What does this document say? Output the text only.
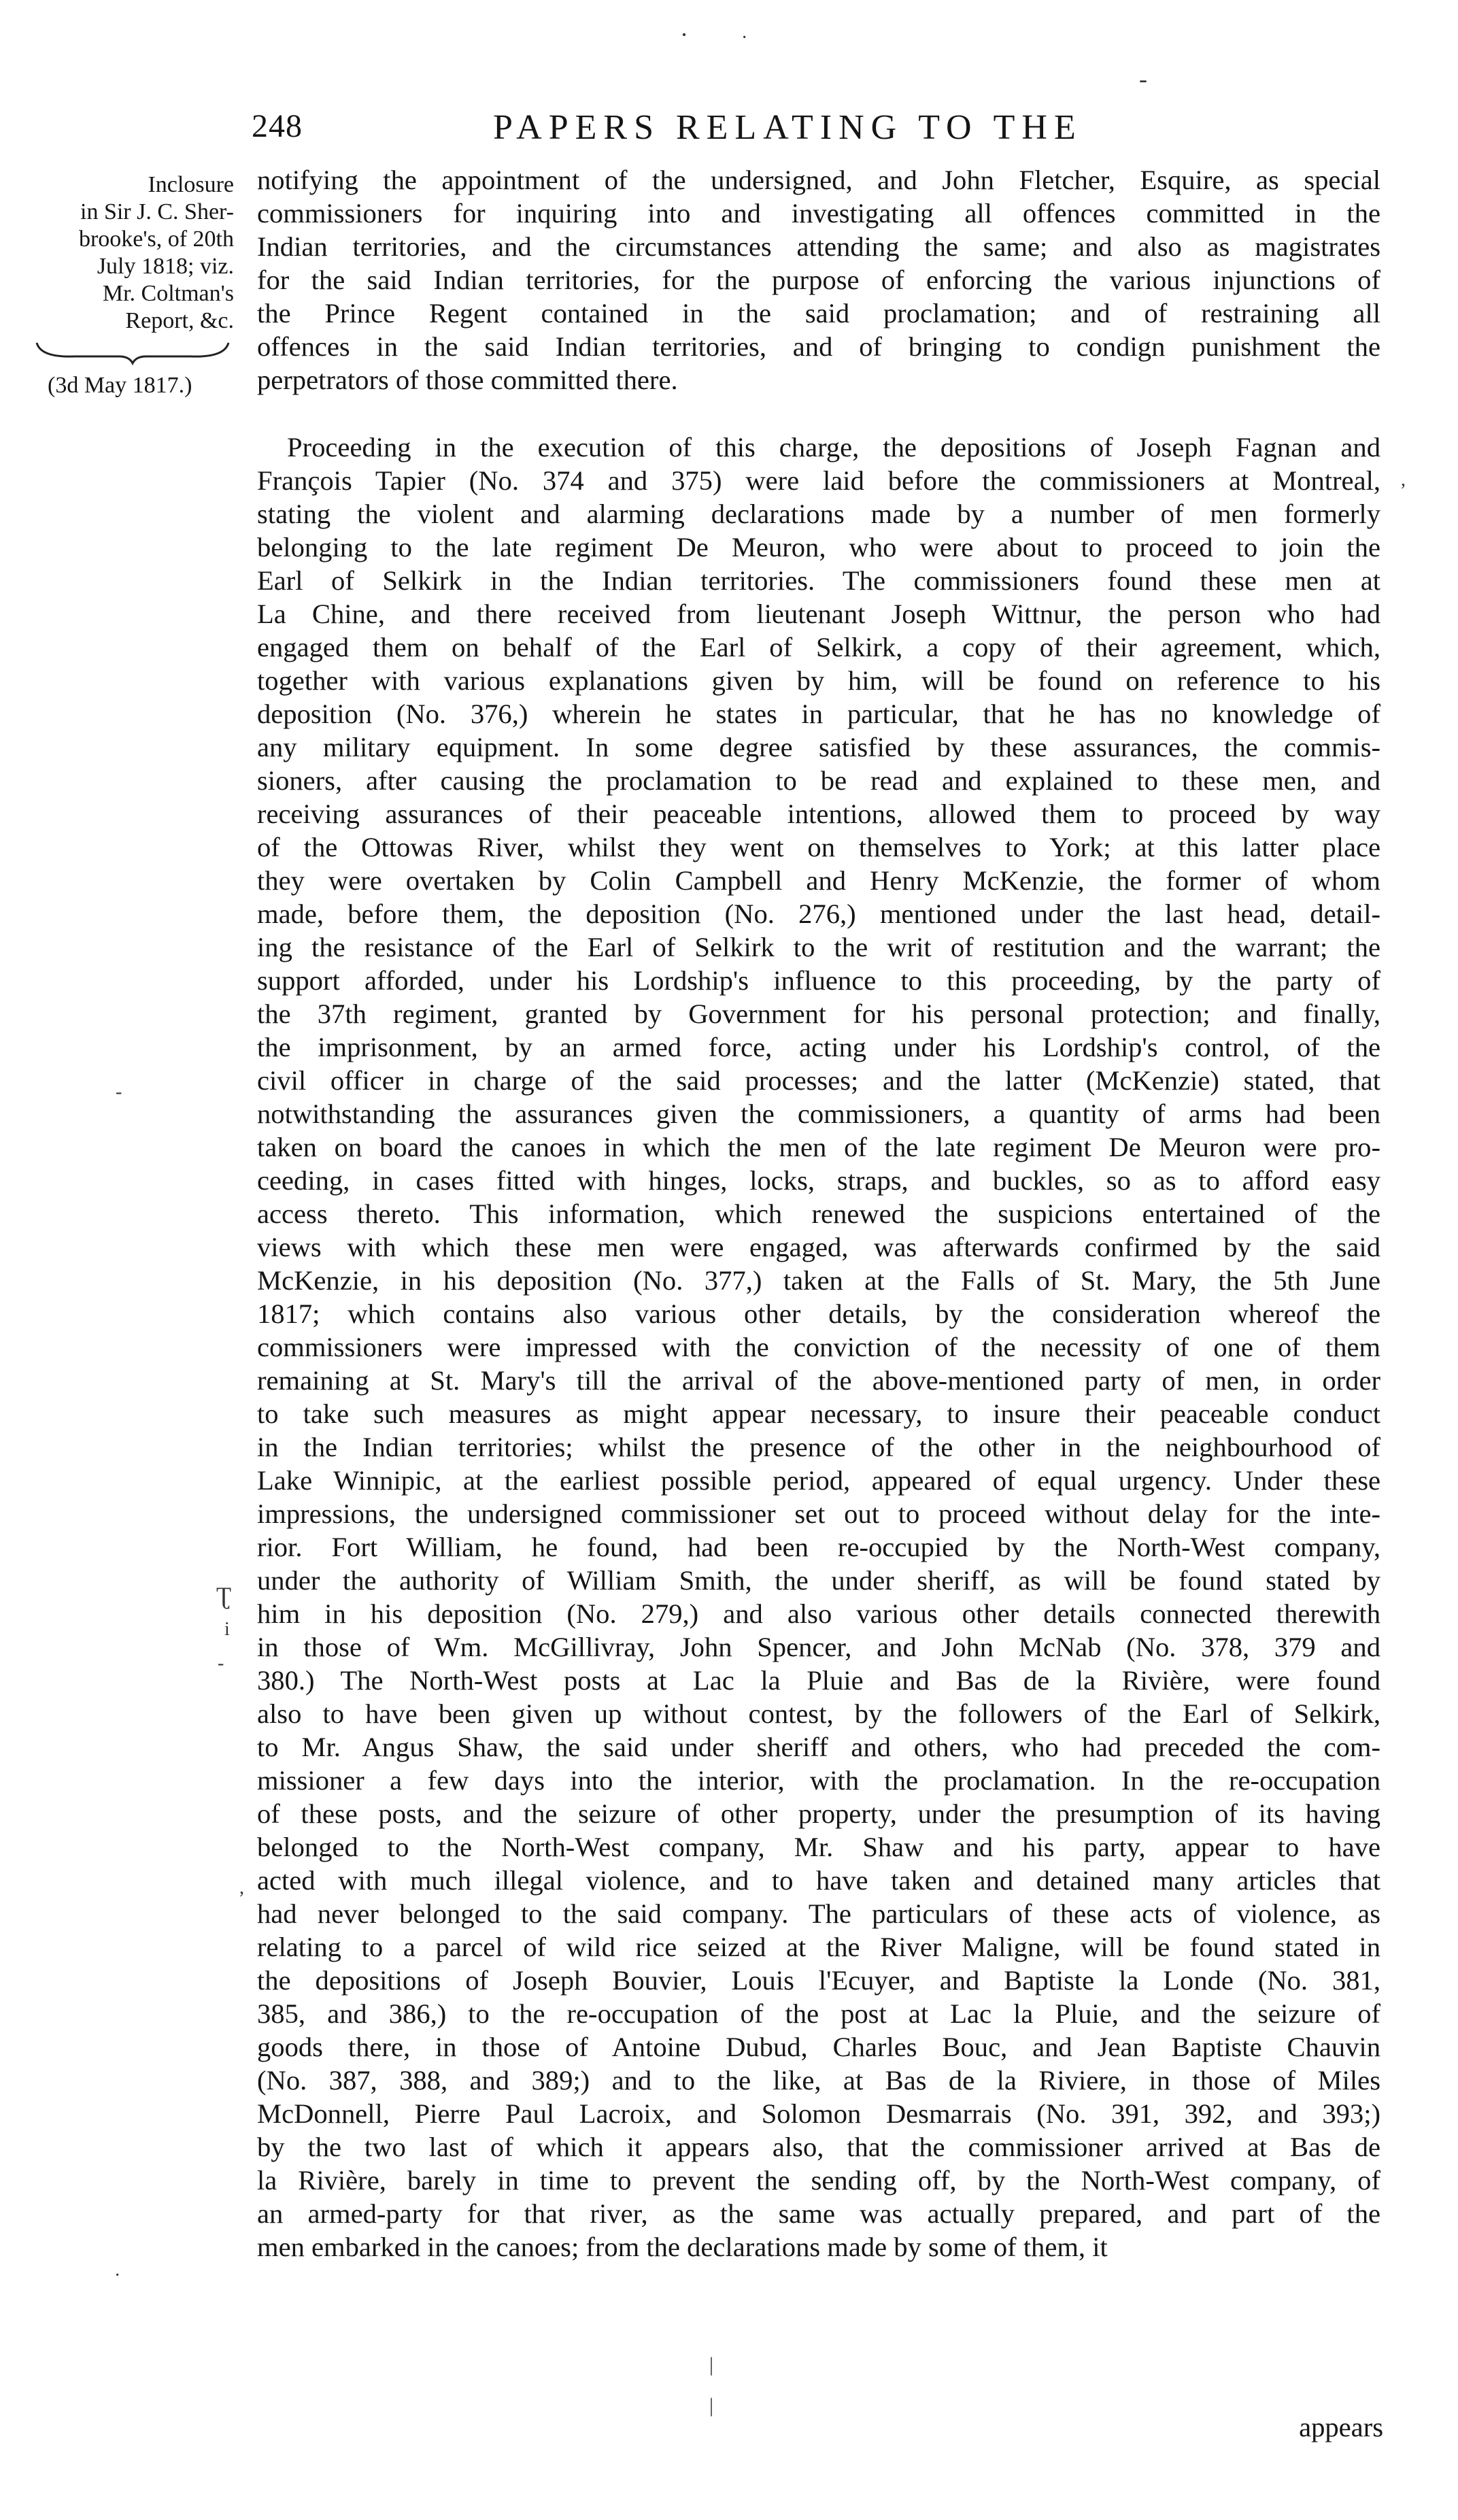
248	PAPERS RELATING TO THE
Inclosure
in Sir J. C. Sher-
brooke's, of 20th
July 1818; viz.
Mr. Coltman's
Report, &c.
(3d May 1817.)
notifying the appointment of the undersigned, and John Fletcher, Esquire, as special
commissioners for inquiring into and investigating all offences committed in the
Indian territories, and the circumstances attending the same; and also as magistrates
for the said Indian territories, for the purpose of enforcing the various injunctions of
the Prince Regent contained in the said proclamation; and of restraining all
offences in the said Indian territories, and of bringing to condign punishment the
perpetrators of those committed there.
Proceeding in the execution of this charge, the depositions of Joseph Fagnan and
François Tapier (No. 374 and 375) were laid before the commissioners at Montreal,
stating the violent and alarming declarations made by a number of men formerly
belonging to the late regiment De Meuron, who were about to proceed to join the
Earl of Selkirk in the Indian territories. The commissioners found these men at
La Chine, and there received from lieutenant Joseph Wittnur, the person who had
engaged them on behalf of the Earl of Selkirk, a copy of their agreement, which,
together with various explanations given by him, will be found on reference to his
deposition (No. 376,) wherein he states in particular, that he has no knowledge of
any military equipment. In some degree satisfied by these assurances, the commis-
sioners, after causing the proclamation to be read and explained to these men, and
receiving assurances of their peaceable intentions, allowed them to proceed by way
of the Ottowas River, whilst they went on themselves to York; at this latter place
they were overtaken by Colin Campbell and Henry McKenzie, the former of whom
made, before them, the deposition (No. 276,) mentioned under the last head, detail-
ing the resistance of the Earl of Selkirk to the writ of restitution and the warrant; the
support afforded, under his Lordship's influence to this proceeding, by the party of
the 37th regiment, granted by Government for his personal protection; and finally,
the imprisonment, by an armed force, acting under his Lordship's control, of the
civil officer in charge of the said processes; and the latter (McKenzie) stated, that
notwithstanding the assurances given the commissioners, a quantity of arms had been
taken on board the canoes in which the men of the late regiment De Meuron were pro-
ceeding, in cases fitted with hinges, locks, straps, and buckles, so as to afford easy
access thereto. This information, which renewed the suspicions entertained of the
views with which these men were engaged, was afterwards confirmed by the said
McKenzie, in his deposition (No. 377,) taken at the Falls of St. Mary, the 5th June
1817; which contains also various other details, by the consideration whereof the
commissioners were impressed with the conviction of the necessity of one of them
remaining at St. Mary's till the arrival of the above-mentioned party of men, in order
to take such measures as might appear necessary, to insure their peaceable conduct
in the Indian territories; whilst the presence of the other in the neighbourhood of
Lake Winnipic, at the earliest possible period, appeared of equal urgency. Under these
impressions, the undersigned commissioner set out to proceed without delay for the inte-
rior. Fort William, he found, had been re-occupied by the North-West company,
under the authority of William Smith, the under sheriff, as will be found stated by
him in his deposition (No. 279,) and also various other details connected therewith
in those of Wm. McGillivray, John Spencer, and John McNab (No. 378, 379 and
380.) The North-West posts at Lac la Pluie and Bas de la Rivière, were found
also to have been given up without contest, by the followers of the Earl of Selkirk,
to Mr. Angus Shaw, the said under sheriff and others, who had preceded the com-
missioner a few days into the interior, with the proclamation. In the re-occupation
of these posts, and the seizure of other property, under the presumption of its having
belonged to the North-West company, Mr. Shaw and his party, appear to have
acted with much illegal violence, and to have taken and detained many articles that
had never belonged to the said company. The particulars of these acts of violence, as
relating to a parcel of wild rice seized at the River Maligne, will be found stated in
the depositions of Joseph Bouvier, Louis l'Ecuyer, and Baptiste la Londe (No. 381,
385, and 386,) to the re-occupation of the post at Lac la Pluie, and the seizure of
goods there, in those of Antoine Dubud, Charles Bouc, and Jean Baptiste Chauvin
(No. 387, 388, and 389;) and to the like, at Bas de la Riviere, in those of Miles
McDonnell, Pierre Paul Lacroix, and Solomon Desmarrais (No. 391, 392, and 393;)
by the two last of which it appears also, that the commissioner arrived at Bas de
la Rivière, barely in time to prevent the sending off, by the North-West company, of
an armed-party for that river, as the same was actually prepared, and part of the
men embarked in the canoes; from the declarations made by some of them, it
appears
·	·
-
,
-
Ʈ
i
-
,
·
|
|
